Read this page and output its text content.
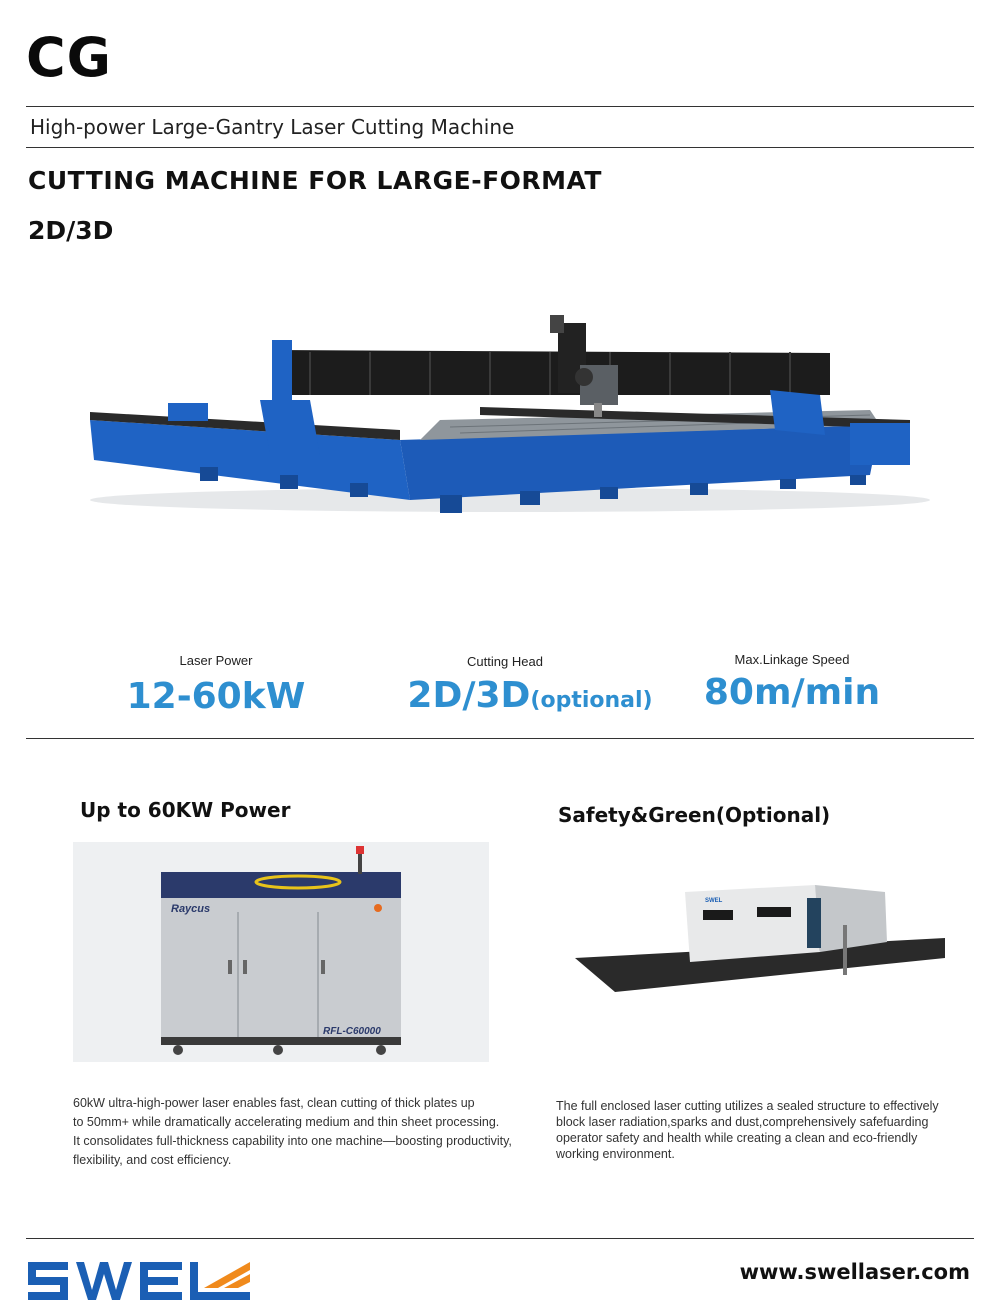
CG
High-power Large-Gantry Laser Cutting Machine
CUTTING MACHINE FOR LARGE-FORMAT
2D/3D
Laser Power
12-60kW
Cutting Head
2D/3D(optional)
Max.Linkage Speed
80m/min
Up to 60KW Power
Raycus
RFL-C60000
60kW ultra-high-power laser enables fast, clean cutting of thick plates up
to 50mm+ while dramatically accelerating medium and thin sheet processing.
It consolidates full-thickness capability into one machine—boosting productivity,
flexibility, and cost efficiency.
Safety&Green(Optional)
SWEL
The full enclosed laser cutting utilizes a sealed structure to effectively
block laser radiation,sparks and dust,comprehensively safefuarding
operator safety and health while creating a clean and eco-friendly
working environment.
www.swellaser.com
